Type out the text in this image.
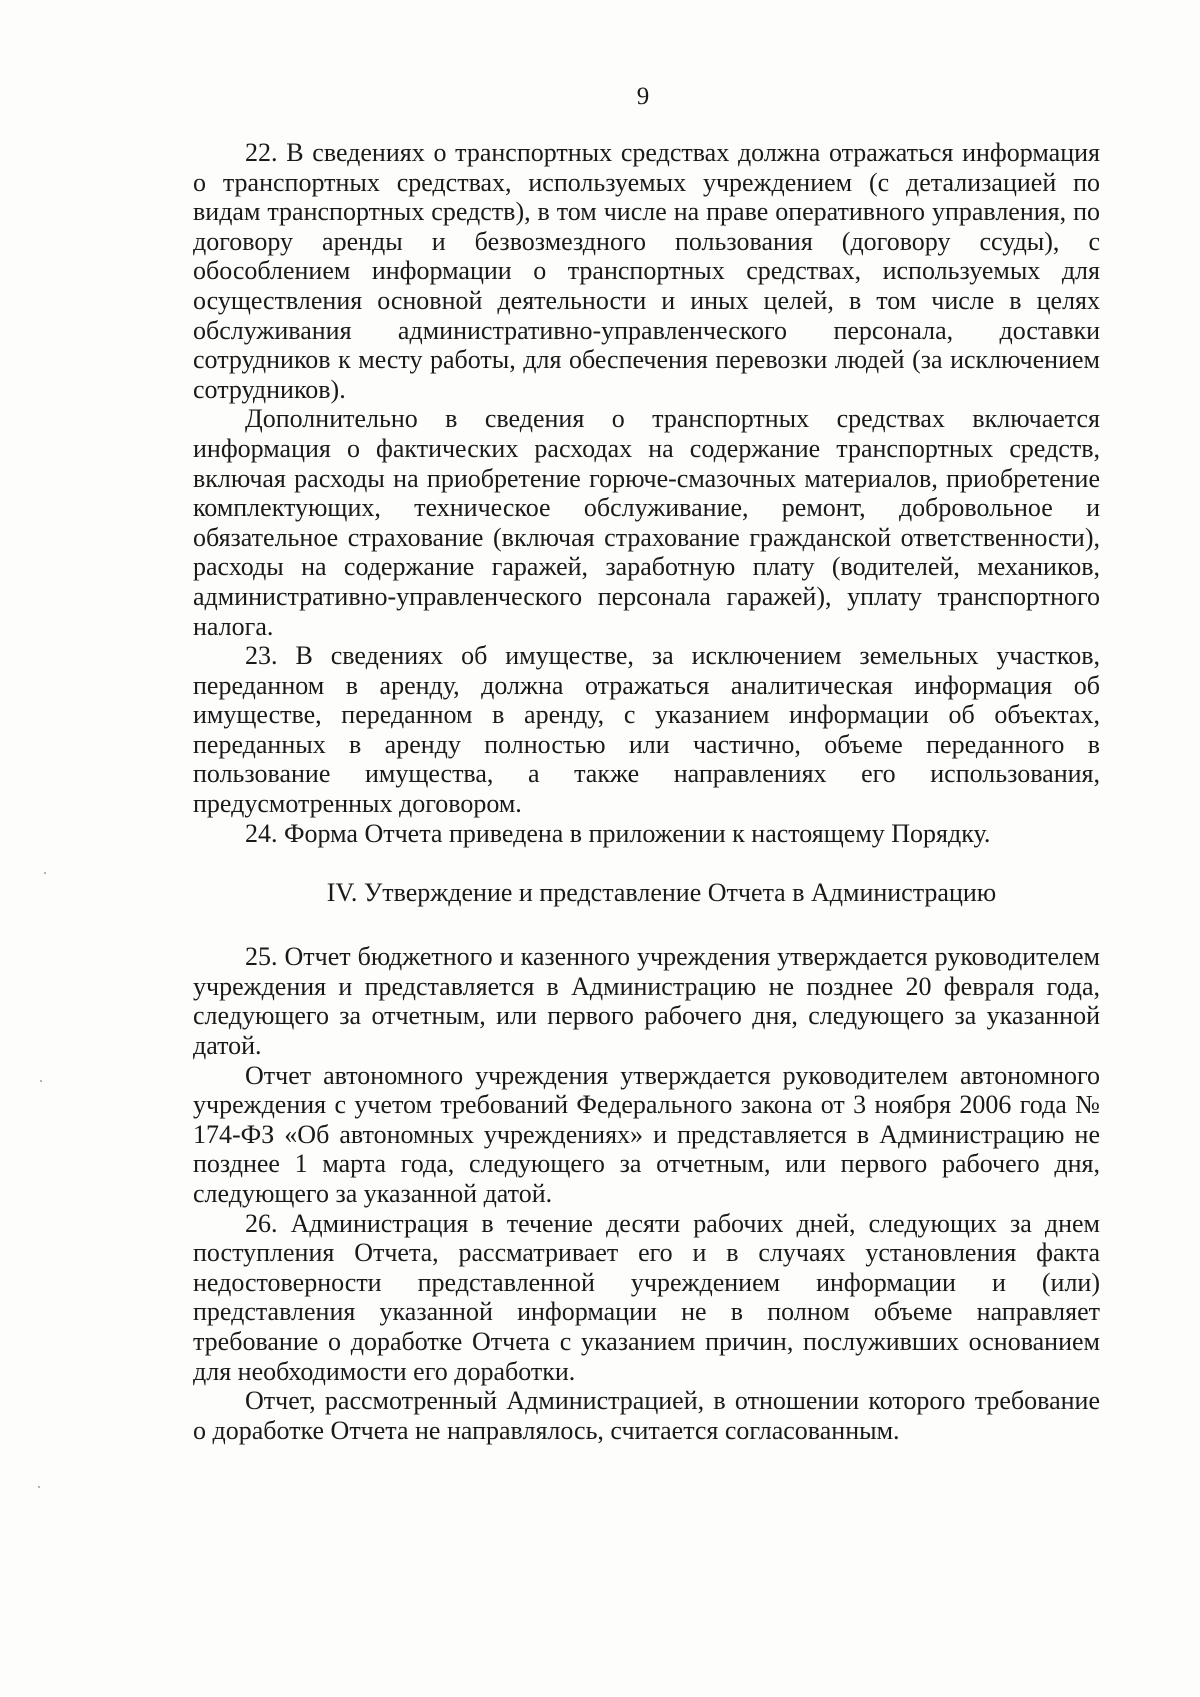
9

22. В сведениях о транспортных средствах должна отражаться информация о транспортных средствах, используемых учреждением (с детализацией по видам транспортных средств), в том числе на праве оперативного управления, по договору аренды и безвозмездного пользования (договору ссуды), с обособлением информации о транспортных средствах, используемых для осуществления основной деятельности и иных целей, в том числе в целях обслуживания административно-управленческого персонала, доставки сотрудников к месту работы, для обеспечения перевозки людей (за исключением сотрудников).

Дополнительно в сведения о транспортных средствах включается информация о фактических расходах на содержание транспортных средств, включая расходы на приобретение горюче-смазочных материалов, приобретение комплектующих, техническое обслуживание, ремонт, добровольное и обязательное страхование (включая страхование гражданской ответственности), расходы на содержание гаражей, заработную плату (водителей, механиков, административно-управленческого персонала гаражей), уплату транспортного налога.

23. В сведениях об имуществе, за исключением земельных участков, переданном в аренду, должна отражаться аналитическая информация об имуществе, переданном в аренду, с указанием информации об объектах, переданных в аренду полностью или частично, объеме переданного в пользование имущества, а также направлениях его использования, предусмотренных договором.

24. Форма Отчета приведена в приложении к настоящему Порядку.

IV. Утверждение и представление Отчета в Администрацию

25. Отчет бюджетного и казенного учреждения утверждается руководителем учреждения и представляется в Администрацию не позднее 20 февраля года, следующего за отчетным, или первого рабочего дня, следующего за указанной датой.

Отчет автономного учреждения утверждается руководителем автономного учреждения с учетом требований Федерального закона от 3 ноября 2006 года № 174-ФЗ «Об автономных учреждениях» и представляется в Администрацию не позднее 1 марта года, следующего за отчетным, или первого рабочего дня, следующего за указанной датой.

26. Администрация в течение десяти рабочих дней, следующих за днем поступления Отчета, рассматривает его и в случаях установления факта недостоверности представленной учреждением информации и (или) представления указанной информации не в полном объеме направляет требование о доработке Отчета с указанием причин, послуживших основанием для необходимости его доработки.

Отчет, рассмотренный Администрацией, в отношении которого требование о доработке Отчета не направлялось, считается согласованным.
